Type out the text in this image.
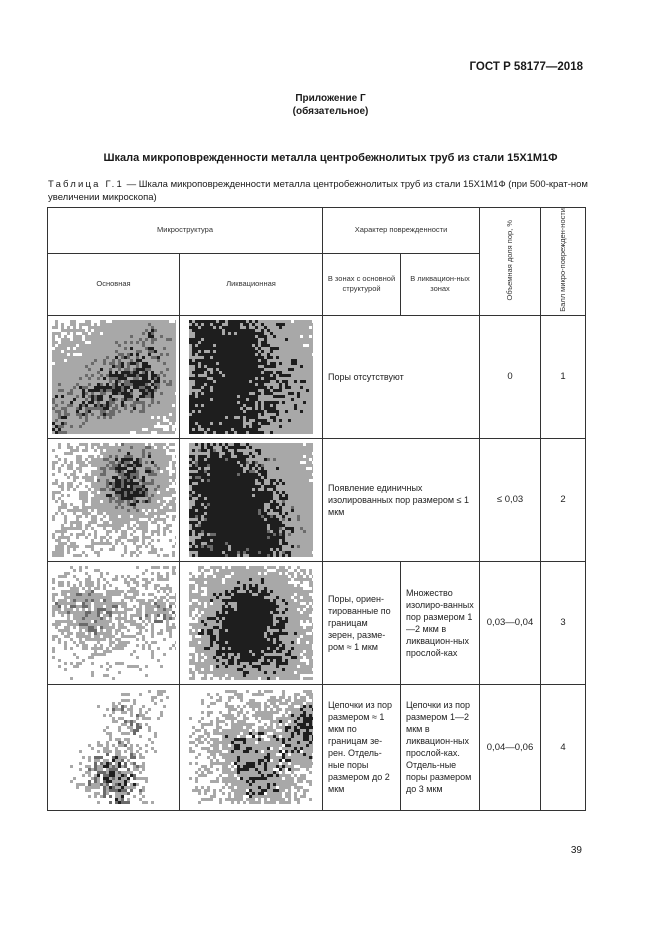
ГОСТ Р 58177—2018
Приложение Г
(обязательное)
Шкала микроповрежденности металла центробежнолитых труб из стали 15Х1М1Ф
Таблица Г.1 — Шкала микроповрежденности металла центробежнолитых труб из стали 15Х1М1Ф (при 500-крат-ном увеличении микроскопа)
Микроструктура		Характер поврежденности		Объемная доля пор, %	Балл микро-поврежден-ности
Основная	Ликвационная	В зонах с основной структурой	В ликвацион-ных зонах		

	Поры отсутствуют		0	1

	Появление единичных изолированных пор размером ≤ 1 мкм		≤ 0,03	2

	Поры, ориен-тированные по границам зерен, разме-ром ≈ 1 мкм	Множество изолиро-ванных пор размером 1—2 мкм в ликвацион-ных прослой-ках	0,03—0,04	3

	Цепочки из пор размером ≈ 1 мкм по границам зе-рен. Отдель-ные поры размером до 2 мкм	Цепочки из пор размером 1—2 мкм в ликвацион-ных прослой-ках. Отдель-ные поры размером до 3 мкм	0,04—0,06	4
39
